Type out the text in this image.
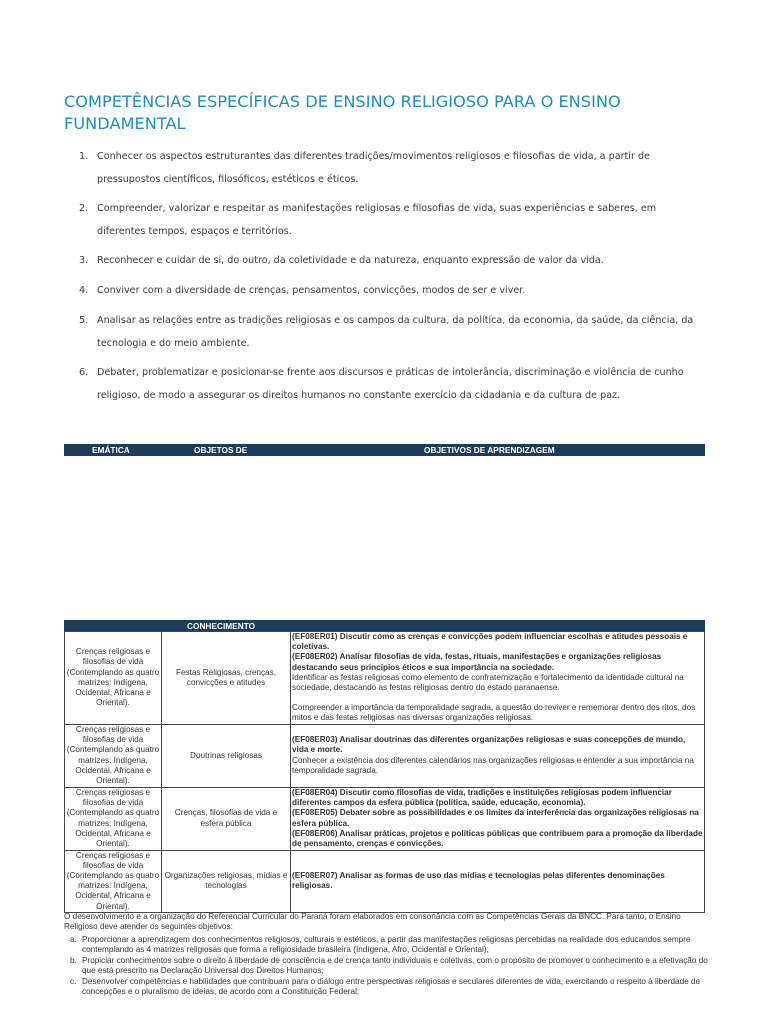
COMPETÊNCIAS ESPECÍFICAS DE ENSINO RELIGIOSO PARA O ENSINO FUNDAMENTAL
1. Conhecer os aspectos estruturantes das diferentes tradições/movimentos religiosos e filosofias de vida, a partir de pressupostos científicos, filosóficos, estéticos e éticos.
2. Compreender, valorizar e respeitar as manifestações religiosas e filosofias de vida, suas experiências e saberes, em diferentes tempos, espaços e territórios.
3. Reconhecer e cuidar de si, do outro, da coletividade e da natureza, enquanto expressão de valor da vida.
4. Conviver com a diversidade de crenças, pensamentos, convicções, modos de ser e viver.
5. Analisar as relações entre as tradições religiosas e os campos da cultura, da política, da economia, da saúde, da ciência, da tecnologia e do meio ambiente.
6. Debater, problematizar e posicionar-se frente aos discursos e práticas de intolerância, discriminação e violência de cunho religioso, de modo a assegurar os direitos humanos no constante exercício da cidadania e da cultura de paz.
EMÁTICA	OBJETOS DE	OBJETIVOS DE APRENDIZAGEM
CONHECIMENTO
Crenças religiosas e filosofias de vida (Contemplando as quatro matrizes: Indígena, Ocidental, Africana e Oriental).	Festas Religiosas, crenças, convicções e atitudes	(EF08ER01) Discutir como as crenças e convicções podem influenciar escolhas e atitudes pessoais e coletivas.
(EF08ER02) Analisar filosofias de vida, festas, rituais, manifestações e organizações religiosas destacando seus princípios éticos e sua importância na sociedade.
Identificar as festas religiosas como elemento de confraternização e fortalecimento da identidade cultural na sociedade, destacando as festas religiosas dentro do estado paranaense.
Compreender a importância da temporalidade sagrada, a questão do reviver e rememorar dentro dos ritos, dos mitos e das festas religiosas nas diversas organizações religiosas.

Crenças religiosas e filosofias de vida (Contemplando as quatro matrizes: Indígena, Ocidental, Africana e Oriental).	Doutrinas religiosas	(EF08ER03) Analisar doutrinas das diferentes organizações religiosas e suas concepções de mundo, vida e morte.
Conhecer a existência dos diferentes calendários nas organizações religiosas e entender a sua importância na temporalidade sagrada.

Crenças religiosas e filosofias de vida (Contemplando as quatro matrizes: Indígena, Ocidental, Africana e Oriental).	Crenças, filosofias de vida e esfera pública	(EF08ER04) Discutir como filosofias de vida, tradições e instituições religiosas podem influenciar diferentes campos da esfera pública (política, saúde, educação, economia).
(EF08ER05) Debater sobre as possibilidades e os limites da interferência das organizações religiosas na esfera pública.
(EF08ER06) Analisar práticas, projetos e políticas públicas que contribuem para a promoção da liberdade de pensamento, crenças e convicções.

Crenças religiosas e filosofias de vida (Contemplando as quatro matrizes: Indígena, Ocidental, Africana e Oriental).	Organizações religiosas, mídias e tecnologias	(EF08ER07) Analisar as formas de uso das mídias e tecnologias pelas diferentes denominações religiosas.

O desenvolvimento e a organização do Referencial Curricular do Paraná foram elaborados em consonância com as Competências Gerais da BNCC. Para tanto, o Ensino Religioso deve atender os seguintes objetivos:

a. Proporcionar a aprendizagem dos conhecimentos religiosos, culturais e estéticos, a partir das manifestações religiosas percebidas na realidade dos educandos sempre contemplando as 4 matrizes religiosas que forma a religiosidade brasileira (Indígena, Afro, Ocidental e Oriental);
b. Propiciar conhecimentos sobre o direito à liberdade de consciência e de crença tanto individuais e coletivas, com o propósito de promover o conhecimento e a efetivação do que está prescrito na Declaração Universal dos Direitos Humanos;
c. Desenvolver competências e habilidades que contribuam para o diálogo entre perspectivas religiosas e seculares diferentes de vida, exercitando o respeito à liberdade de concepções e o pluralismo de ideias, de acordo com a Constituição Federal;
